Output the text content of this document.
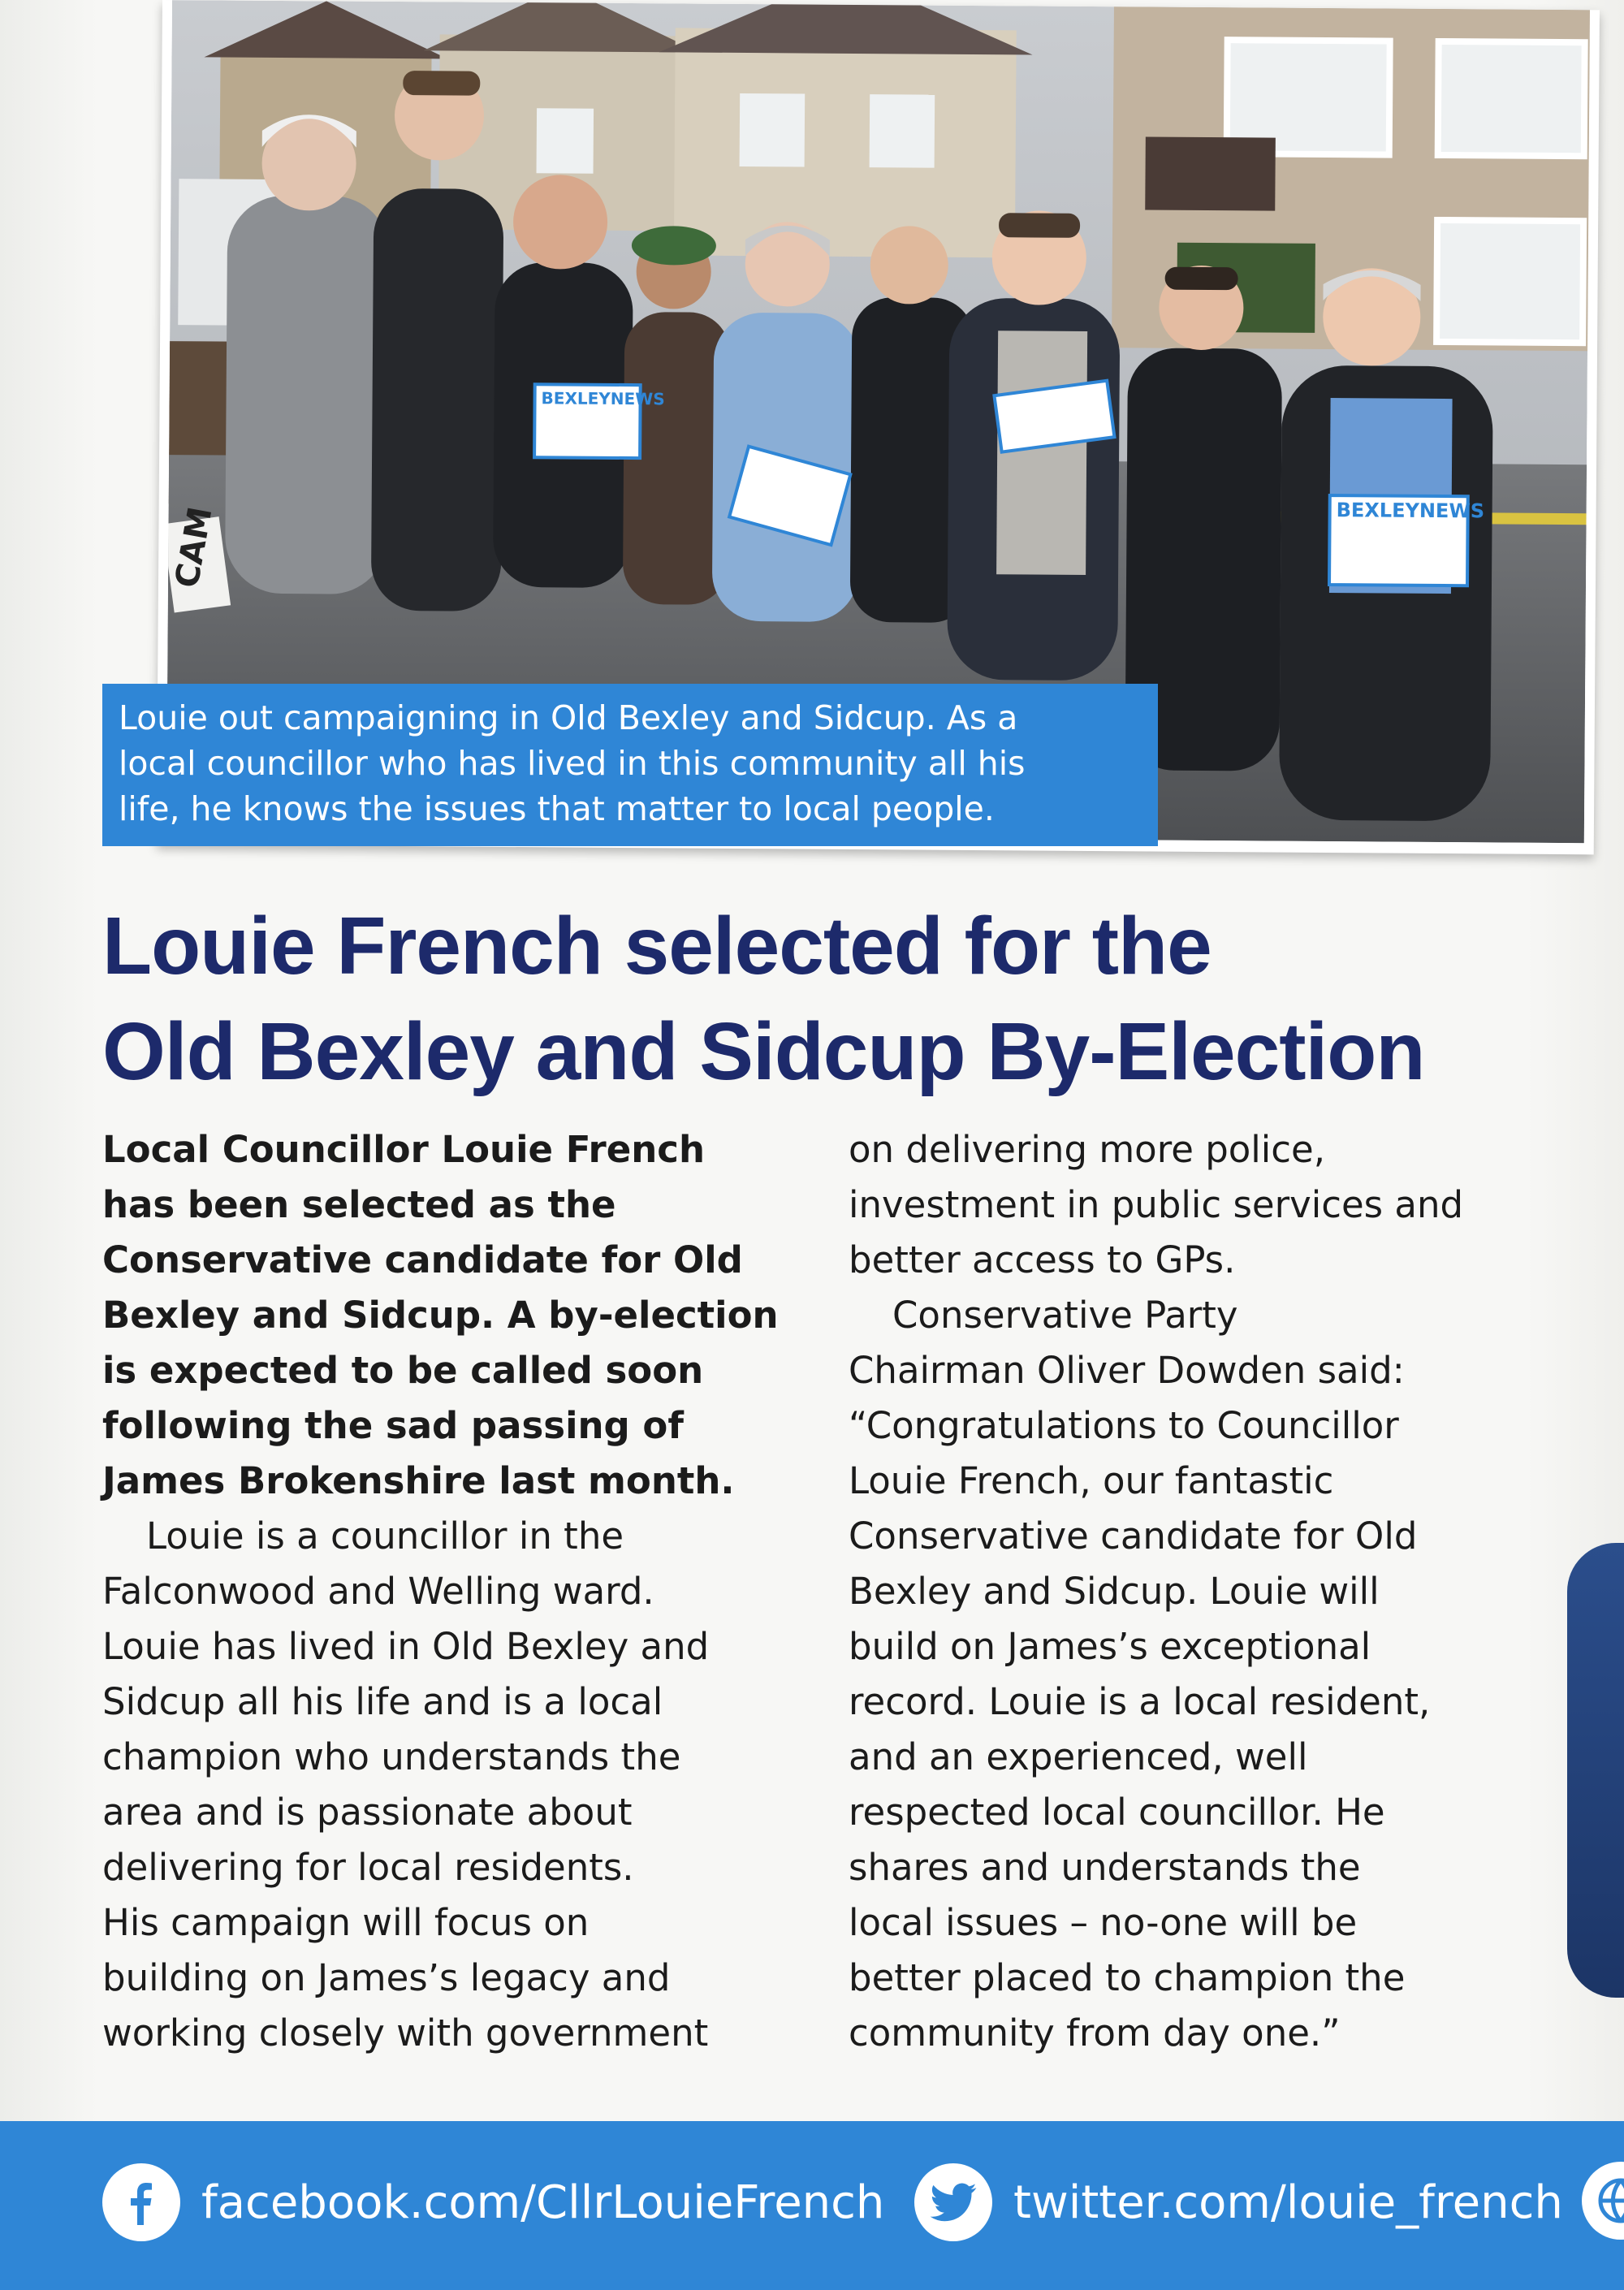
BEXLEYNEWS
BEXLEYNEWS
CAM
Louie out campaigning in Old Bexley and Sidcup. As a
local councillor who has lived in this community all his
life, he knows the issues that matter to local people.
Louie French selected for the
Old Bexley and Sidcup By-Election
Local Councillor Louie French
has been selected as the
Conservative candidate for Old
Bexley and Sidcup. A by-election
is expected to be called soon
following the sad passing of
James Brokenshire last month.
Louie is a councillor in the
Falconwood and Welling ward.
Louie has lived in Old Bexley and
Sidcup all his life and is a local
champion who understands the
area and is passionate about
delivering for local residents.
His campaign will focus on
building on James’s legacy and
working closely with government
on delivering more police,
investment in public services and
better access to GPs.
Conservative Party
Chairman Oliver Dowden said:
“Congratulations to Councillor
Louie French, our fantastic
Conservative candidate for Old
Bexley and Sidcup. Louie will
build on James’s exceptional
record. Louie is a local resident,
and an experienced, well
respected local councillor. He
shares and understands the
local issues – no-one will be
better placed to champion the
community from day one.”
facebook.com/CllrLouieFrench	twitter.com/louie_french
